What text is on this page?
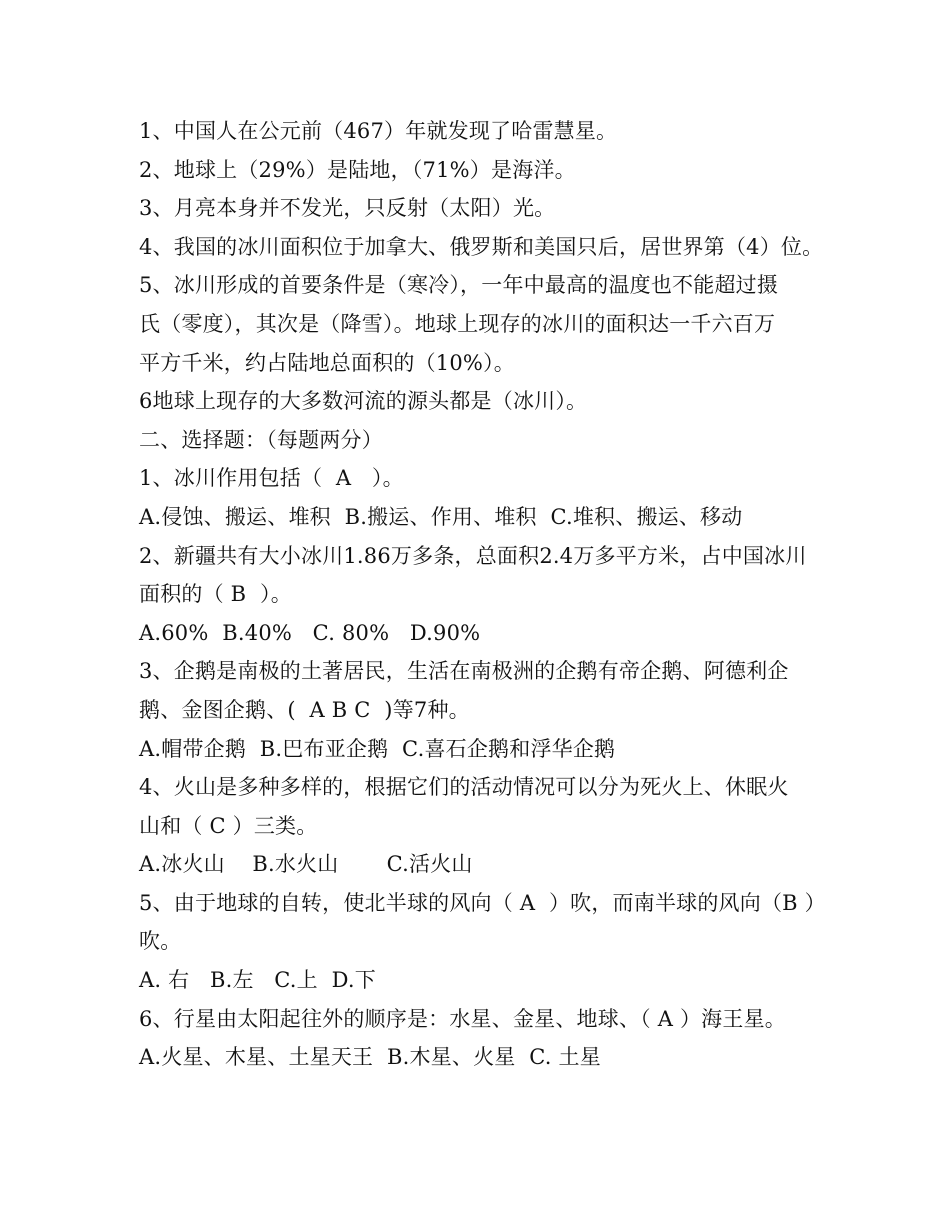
1、中国人在公元前（467）年就发现了哈雷慧星。
2、地球上（29%）是陆地，（71%）是海洋。
3、月亮本身并不发光，只反射（太阳）光。
4、我国的冰川面积位于加拿大、俄罗斯和美国只后，居世界第（4）位。
5、冰川形成的首要条件是（寒冷），一年中最高的温度也不能超过摄
氏（零度），其次是（降雪）。地球上现存的冰川的面积达一千六百万
平方千米，约占陆地总面积的（10%）。
6地球上现存的大多数河流的源头都是（冰川）。
二、选择题：（每题两分）
1、冰川作用包括（  A   ）。
A.侵蚀、搬运、堆积  B.搬运、作用、堆积  C.堆积、搬运、移动
2、新疆共有大小冰川1.86万多条，总面积2.4万多平方米，占中国冰川
面积的（ B  ）。
A.60%  B.40%   C. 80%   D.90%
3、企鹅是南极的土著居民，生活在南极洲的企鹅有帝企鹅、阿德利企
鹅、金图企鹅、(  A B C  )等7种。
A.帽带企鹅  B.巴布亚企鹅  C.喜石企鹅和浮华企鹅
4、火山是多种多样的，根据它们的活动情况可以分为死火上、休眠火
山和（ C ）三类。
A.冰火山    B.水火山       C.活火山
5、由于地球的自转，使北半球的风向（ A  ）吹，而南半球的风向（B ）
吹。
A. 右   B.左   C.上  D.下
6、行星由太阳起往外的顺序是：水星、金星、地球、（ A ）海王星。
A.火星、木星、土星天王  B.木星、火星  C. 土星
